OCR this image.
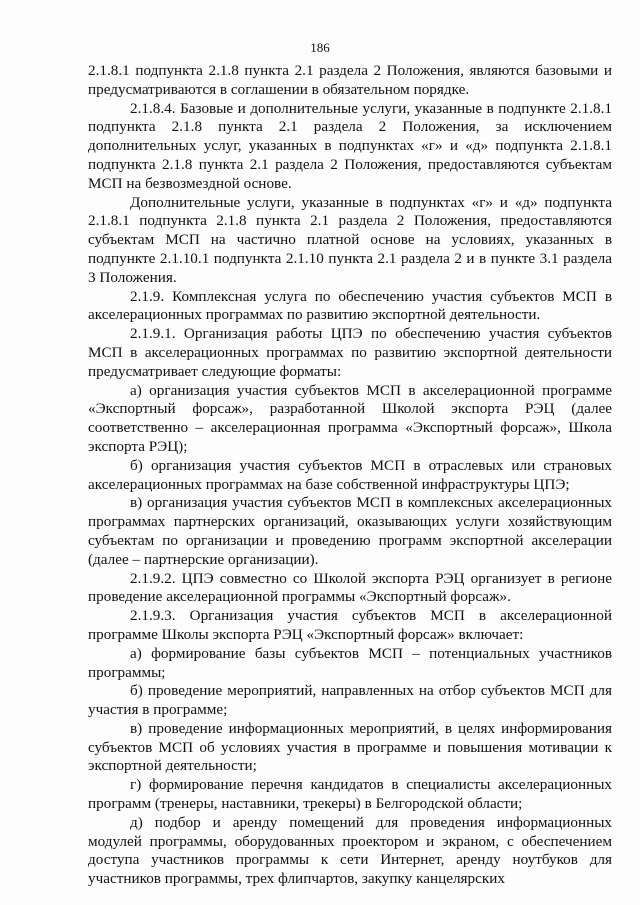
186

2.1.8.1 подпункта 2.1.8 пункта 2.1 раздела 2 Положения, являются базовыми и предусматриваются в соглашении в обязательном порядке.

2.1.8.4. Базовые и дополнительные услуги, указанные в подпункте 2.1.8.1 подпункта 2.1.8 пункта 2.1 раздела 2 Положения, за исключением дополнительных услуг, указанных в подпунктах «г» и «д» подпункта 2.1.8.1 подпункта 2.1.8 пункта 2.1 раздела 2 Положения, предоставляются субъектам МСП на безвозмездной основе.

Дополнительные услуги, указанные в подпунктах «г» и «д» подпункта 2.1.8.1 подпункта 2.1.8 пункта 2.1 раздела 2 Положения, предоставляются субъектам МСП на частично платной основе на условиях, указанных в подпункте 2.1.10.1 подпункта 2.1.10 пункта 2.1 раздела 2 и в пункте 3.1 раздела 3 Положения.

2.1.9. Комплексная услуга по обеспечению участия субъектов МСП в акселерационных программах по развитию экспортной деятельности.

2.1.9.1. Организация работы ЦПЭ по обеспечению участия субъектов МСП в акселерационных программах по развитию экспортной деятельности предусматривает следующие форматы:

а) организация участия субъектов МСП в акселерационной программе «Экспортный форсаж», разработанной Школой экспорта РЭЦ (далее соответственно – акселерационная программа «Экспортный форсаж», Школа экспорта РЭЦ);

б) организация участия субъектов МСП в отраслевых или страновых акселерационных программах на базе собственной инфраструктуры ЦПЭ;

в) организация участия субъектов МСП в комплексных акселерационных программах партнерских организаций, оказывающих услуги хозяйствующим субъектам по организации и проведению программ экспортной акселерации (далее – партнерские организации).

2.1.9.2. ЦПЭ совместно со Школой экспорта РЭЦ организует в регионе проведение акселерационной программы «Экспортный форсаж».

2.1.9.3. Организация участия субъектов МСП в акселерационной программе Школы экспорта РЭЦ «Экспортный форсаж» включает:

а) формирование базы субъектов МСП – потенциальных участников программы;

б) проведение мероприятий, направленных на отбор субъектов МСП для участия в программе;

в) проведение информационных мероприятий, в целях информирования субъектов МСП об условиях участия в программе и повышения мотивации к экспортной деятельности;

г) формирование перечня кандидатов в специалисты акселерационных программ (тренеры, наставники, трекеры) в Белгородской области;

д) подбор и аренду помещений для проведения информационных модулей программы, оборудованных проектором и экраном, с обеспечением доступа участников программы к сети Интернет, аренду ноутбуков для участников программы, трех флипчартов, закупку канцелярских
